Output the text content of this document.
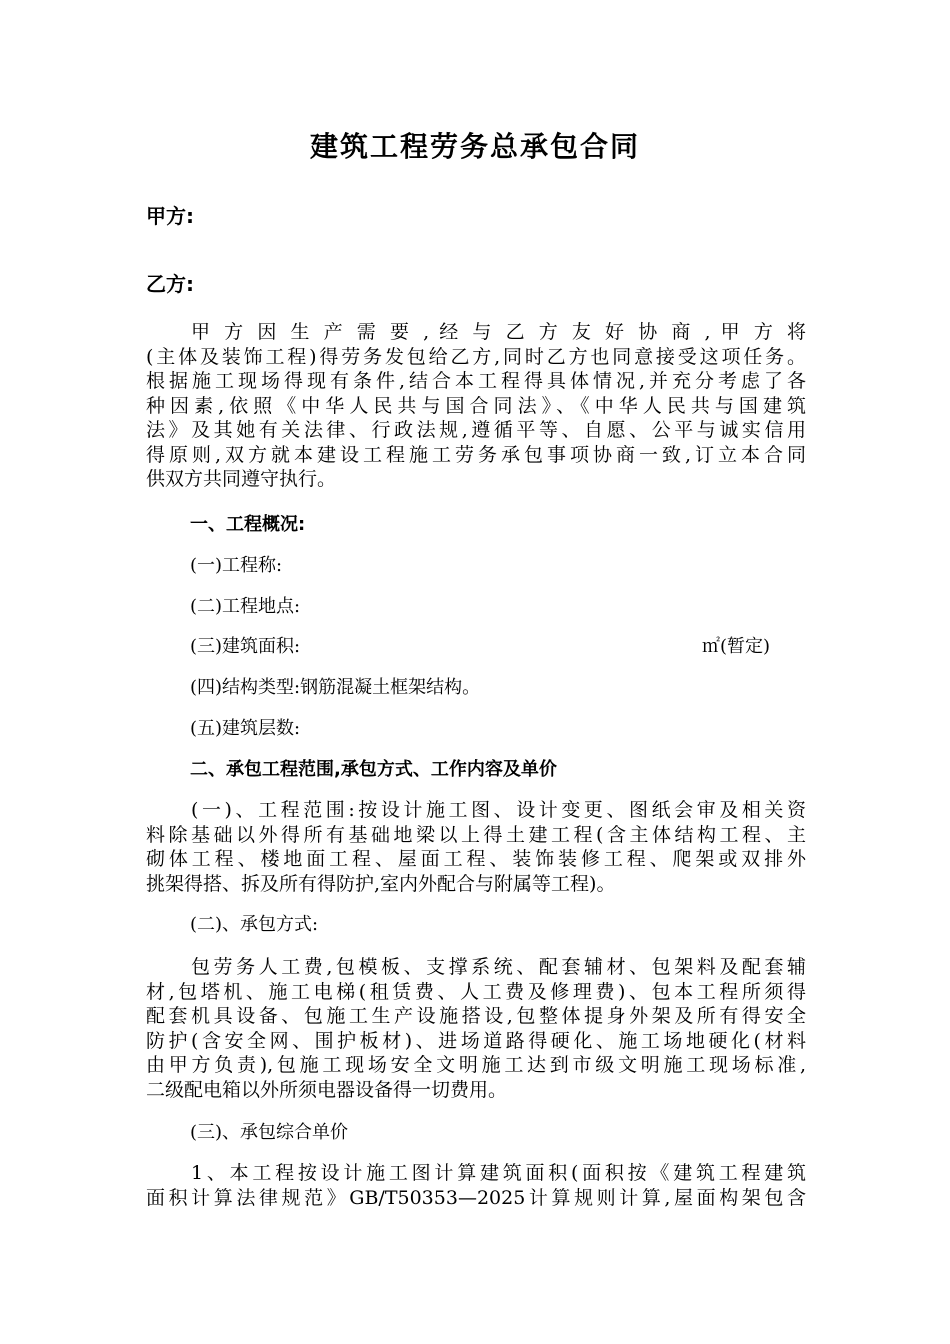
建筑工程劳务总承包合同
甲方:
乙方:
甲 方 因 生 产 需 要 , 经 与 乙 方 友 好 协 商 , 甲 方 将
(主体及装饰工程)得劳务发包给乙方,同时乙方也同意接受这项任务。
根据施工现场得现有条件,结合本工程得具体情况,并充分考虑了各
种因素,依照《中华人民共与国合同法》、《中华人民共与国建筑
法》及其她有关法律、行政法规,遵循平等、自愿、公平与诚实信用
得原则,双方就本建设工程施工劳务承包事项协商一致,订立本合同
供双方共同遵守执行。
一、工程概况:
(一)工程称:
(二)工程地点:
(三)建筑面积:	㎡(暂定)
(四)结构类型:钢筋混凝土框架结构。
(五)建筑层数:
二、承包工程范围,承包方式、工作内容及单价
(一)、工程范围:按设计施工图、设计变更、图纸会审及相关资
料除基础以外得所有基础地梁以上得土建工程(含主体结构工程、主
砌体工程、楼地面工程、屋面工程、装饰装修工程、爬架或双排外
挑架得搭、拆及所有得防护,室内外配合与附属等工程)。
(二)、承包方式:
包劳务人工费,包模板、支撑系统、配套辅材、包架料及配套辅
材,包塔机、施工电梯(租赁费、人工费及修理费)、包本工程所须得
配套机具设备、包施工生产设施搭设,包整体提身外架及所有得安全
防护(含安全网、围护板材)、进场道路得硬化、施工场地硬化(材料
由甲方负责),包施工现场安全文明施工达到市级文明施工现场标准,
二级配电箱以外所须电器设备得一切费用。
(三)、承包综合单价
1、本工程按设计施工图计算建筑面积(面积按《建筑工程建筑
面积计算法律规范》GB/T50353—2025计算规则计算,屋面构架包含
